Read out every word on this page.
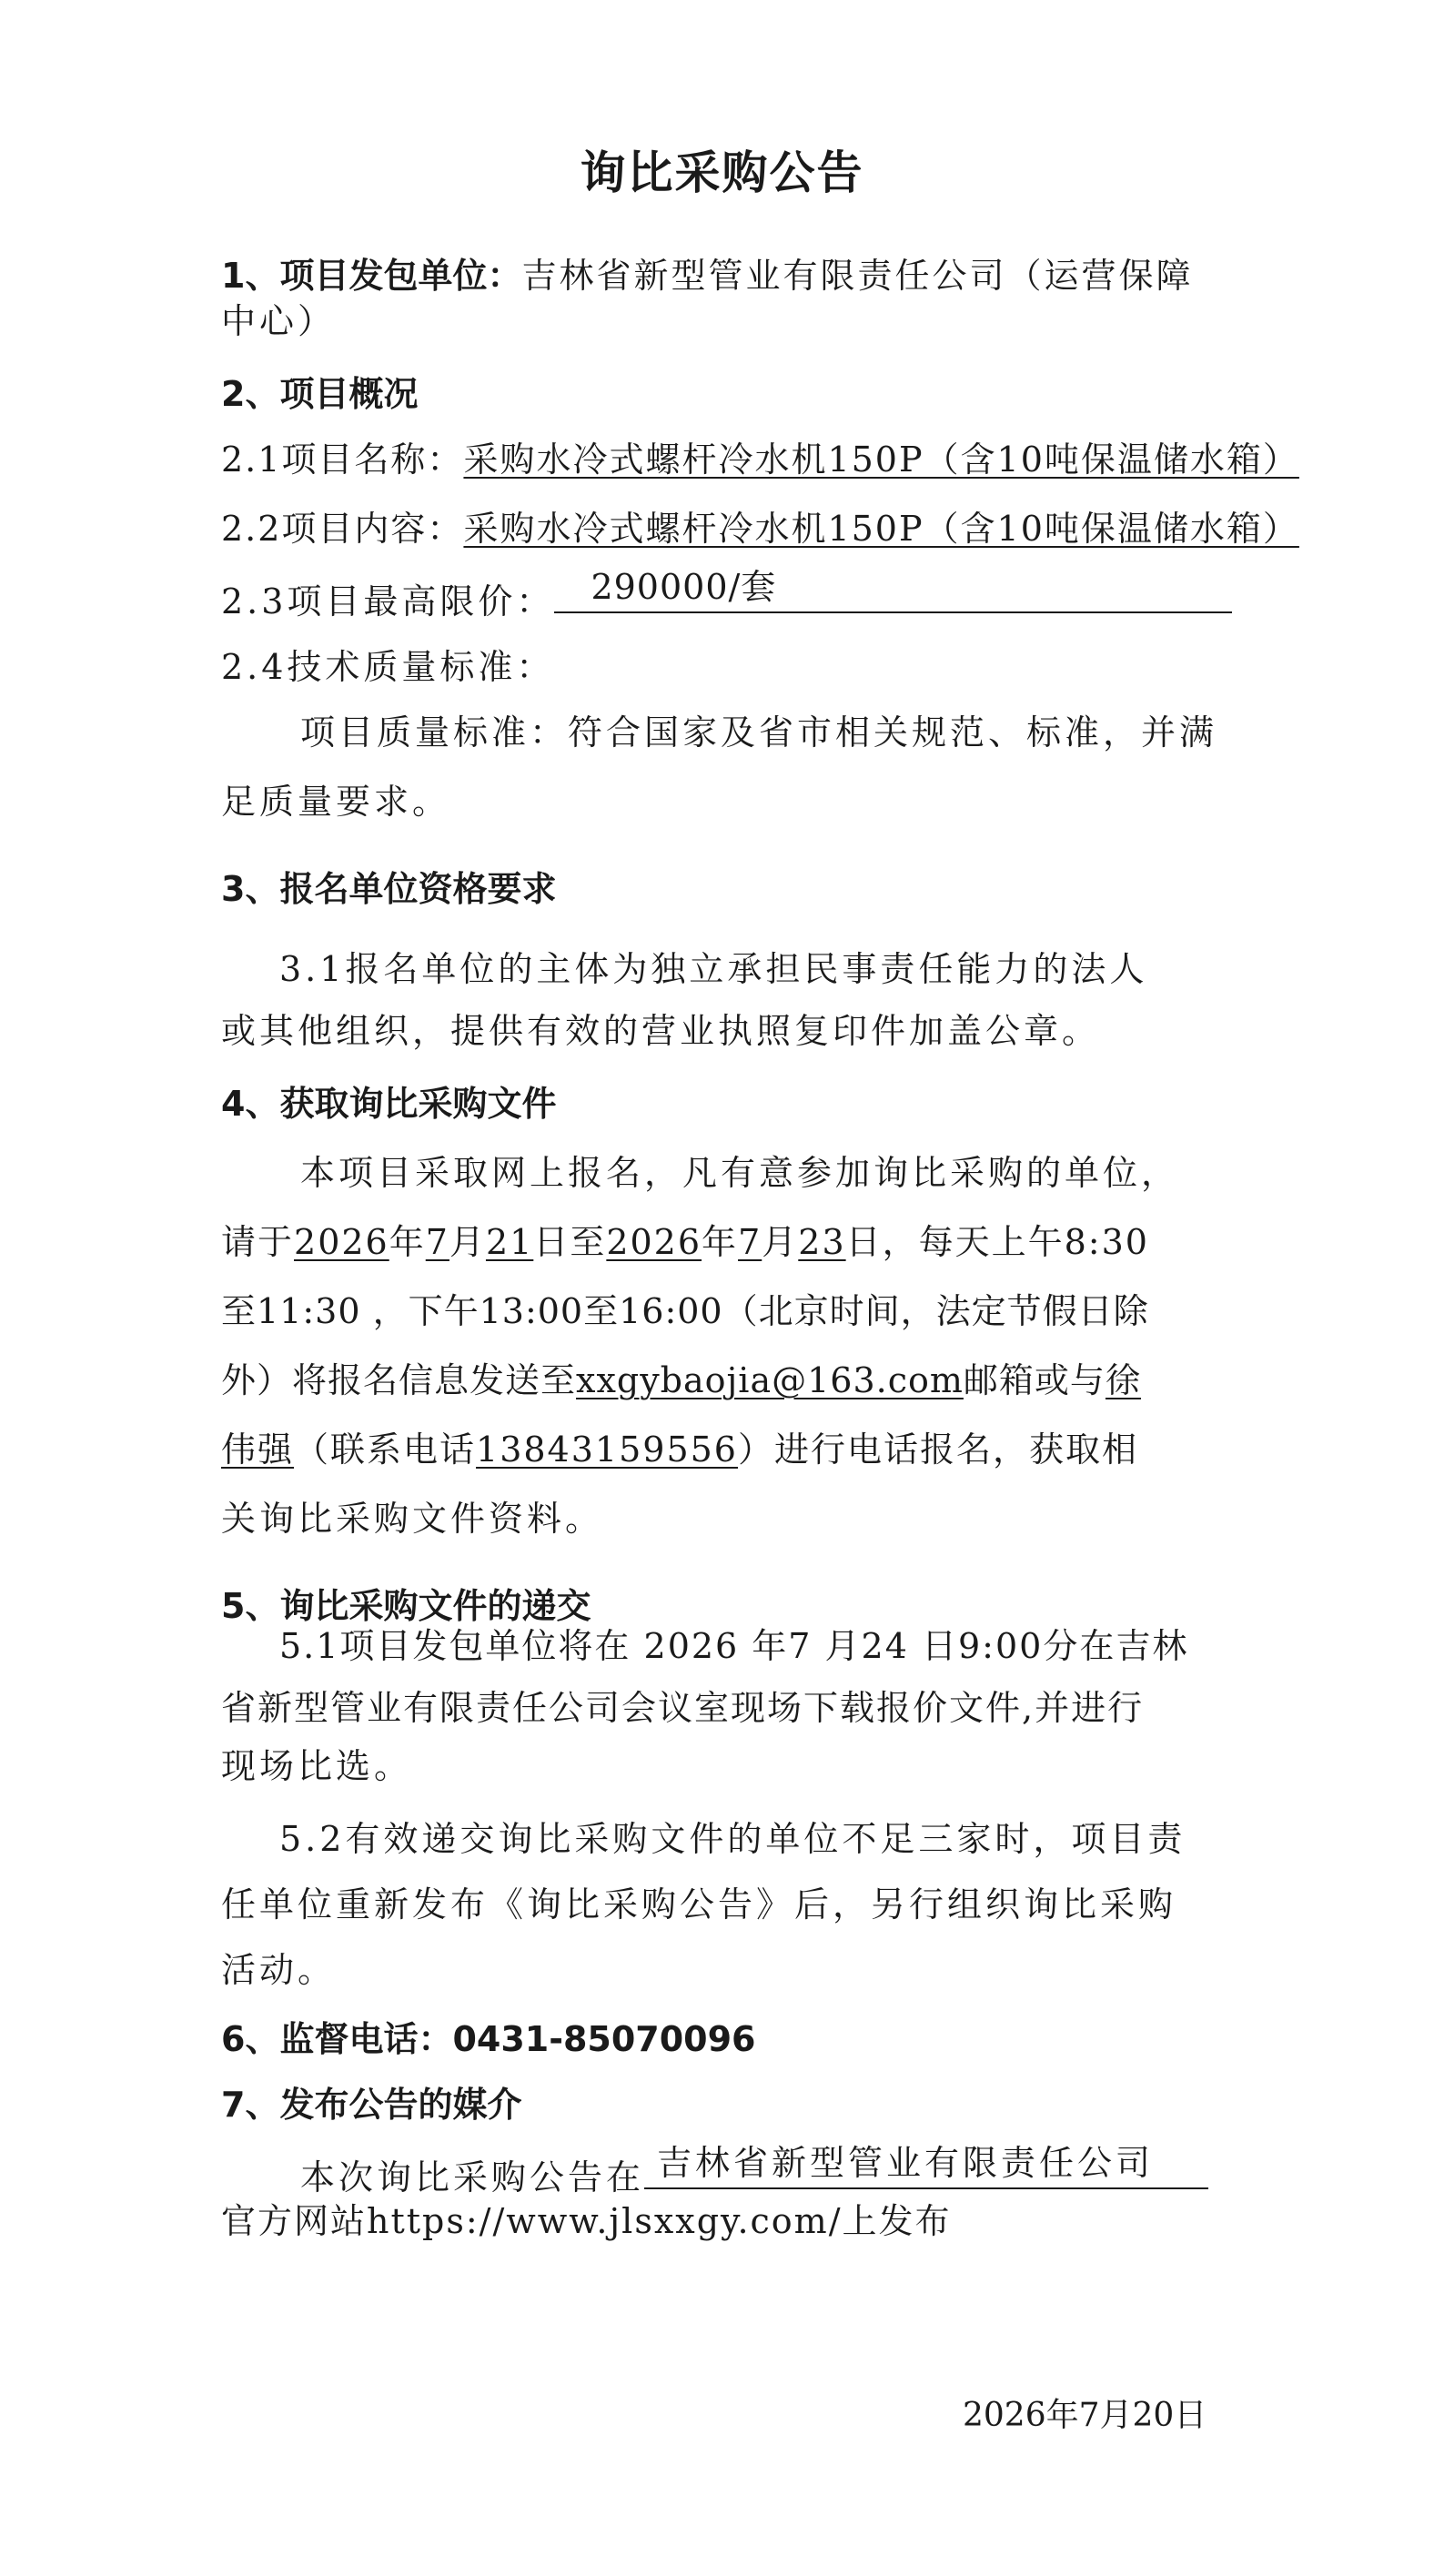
询比采购公告
1、项目发包单位：吉林省新型管业有限责任公司（运营保障
中心）
2、项目概况
2.1项目名称：采购水冷式螺杆冷水机150P（含10吨保温储水箱）
2.2项目内容：采购水冷式螺杆冷水机150P（含10吨保温储水箱）
2.3项目最高限价： 290000/套
2.4技术质量标准：
项目质量标准：符合国家及省市相关规范、标准，并满
足质量要求。
3、报名单位资格要求
3.1报名单位的主体为独立承担民事责任能力的法人
或其他组织，提供有效的营业执照复印件加盖公章。
4、获取询比采购文件
本项目采取网上报名，凡有意参加询比采购的单位，
请于2026年7月21日至2026年7月23日，每天上午8:30
至11:30 ，下午13:00至16:00（北京时间，法定节假日除
外）将报名信息发送至xxgybaojia@163.com邮箱或与徐
伟强（联系电话13843159556）进行电话报名，获取相
关询比采购文件资料。
5、询比采购文件的递交
5.1项目发包单位将在 2026 年7 月24 日9:00分在吉林
省新型管业有限责任公司会议室现场下载报价文件,并进行
现场比选。
5.2有效递交询比采购文件的单位不足三家时，项目责
任单位重新发布《询比采购公告》后，另行组织询比采购
活动。
6、监督电话：0431-85070096
7、发布公告的媒介
本次询比采购公告在 吉林省新型管业有限责任公司
官方网站https://www.jlsxxgy.com/上发布
2026年7月20日
